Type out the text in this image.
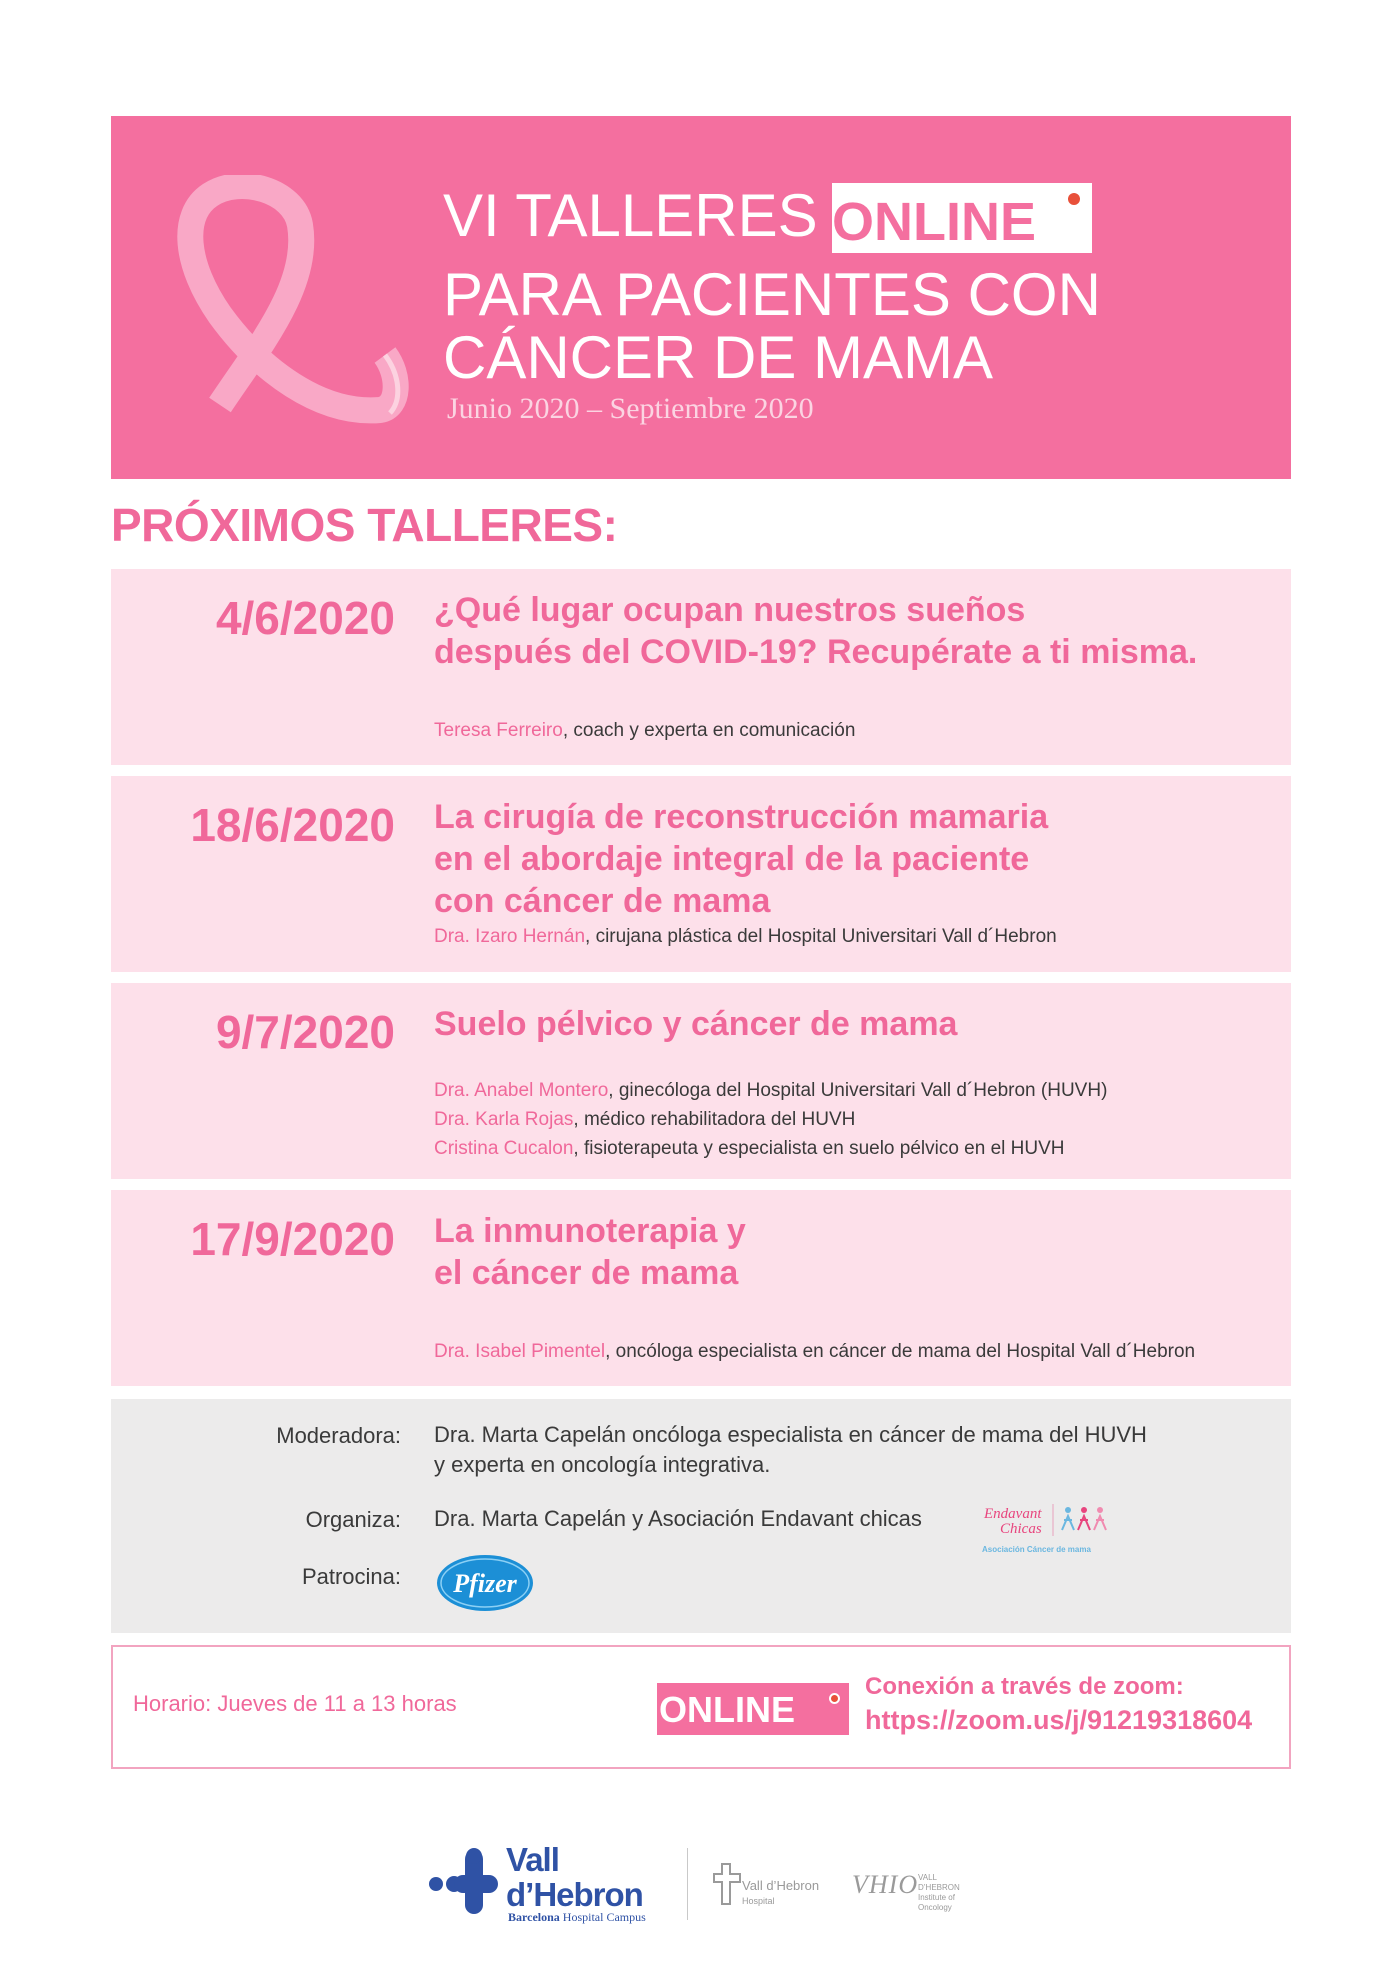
VI TALLERES ONLINE
PARA PACIENTES CON
CÁNCER DE MAMA
Junio 2020 – Septiembre 2020
PRÓXIMOS TALLERES:
4/6/2020 ¿Qué lugar ocupan nuestros sueños
después del COVID-19? Recupérate a ti misma.
Teresa Ferreiro, coach y experta en comunicación
18/6/2020 La cirugía de reconstrucción mamaria
en el abordaje integral de la paciente
con cáncer de mama
Dra. Izaro Hernán, cirujana plástica del Hospital Universitari Vall d´Hebron
9/7/2020 Suelo pélvico y cáncer de mama
Dra. Anabel Montero, ginecóloga del Hospital Universitari Vall d´Hebron (HUVH)
Dra. Karla Rojas, médico rehabilitadora del HUVH
Cristina Cucalon, fisioterapeuta y especialista en suelo pélvico en el HUVH
17/9/2020 La inmunoterapia y
el cáncer de mama
Dra. Isabel Pimentel, oncóloga especialista en cáncer de mama del Hospital Vall d´Hebron
Moderadora: Dra. Marta Capelán oncóloga especialista en cáncer de mama del HUVH
y experta en oncología integrativa.
Organiza: Dra. Marta Capelán y Asociación Endavant chicas
Patrocina:
Endavant
Chicas
Asociación Cáncer de mama
Pfizer
Horario: Jueves de 11 a 13 horas	ONLINE
Conexión a través de zoom:
https://zoom.us/j/91219318604
Vall
d’Hebron
Barcelona Hospital Campus
Vall d’Hebron
Hospital
VHIO VALL D’HEBRON Institute of Oncology
